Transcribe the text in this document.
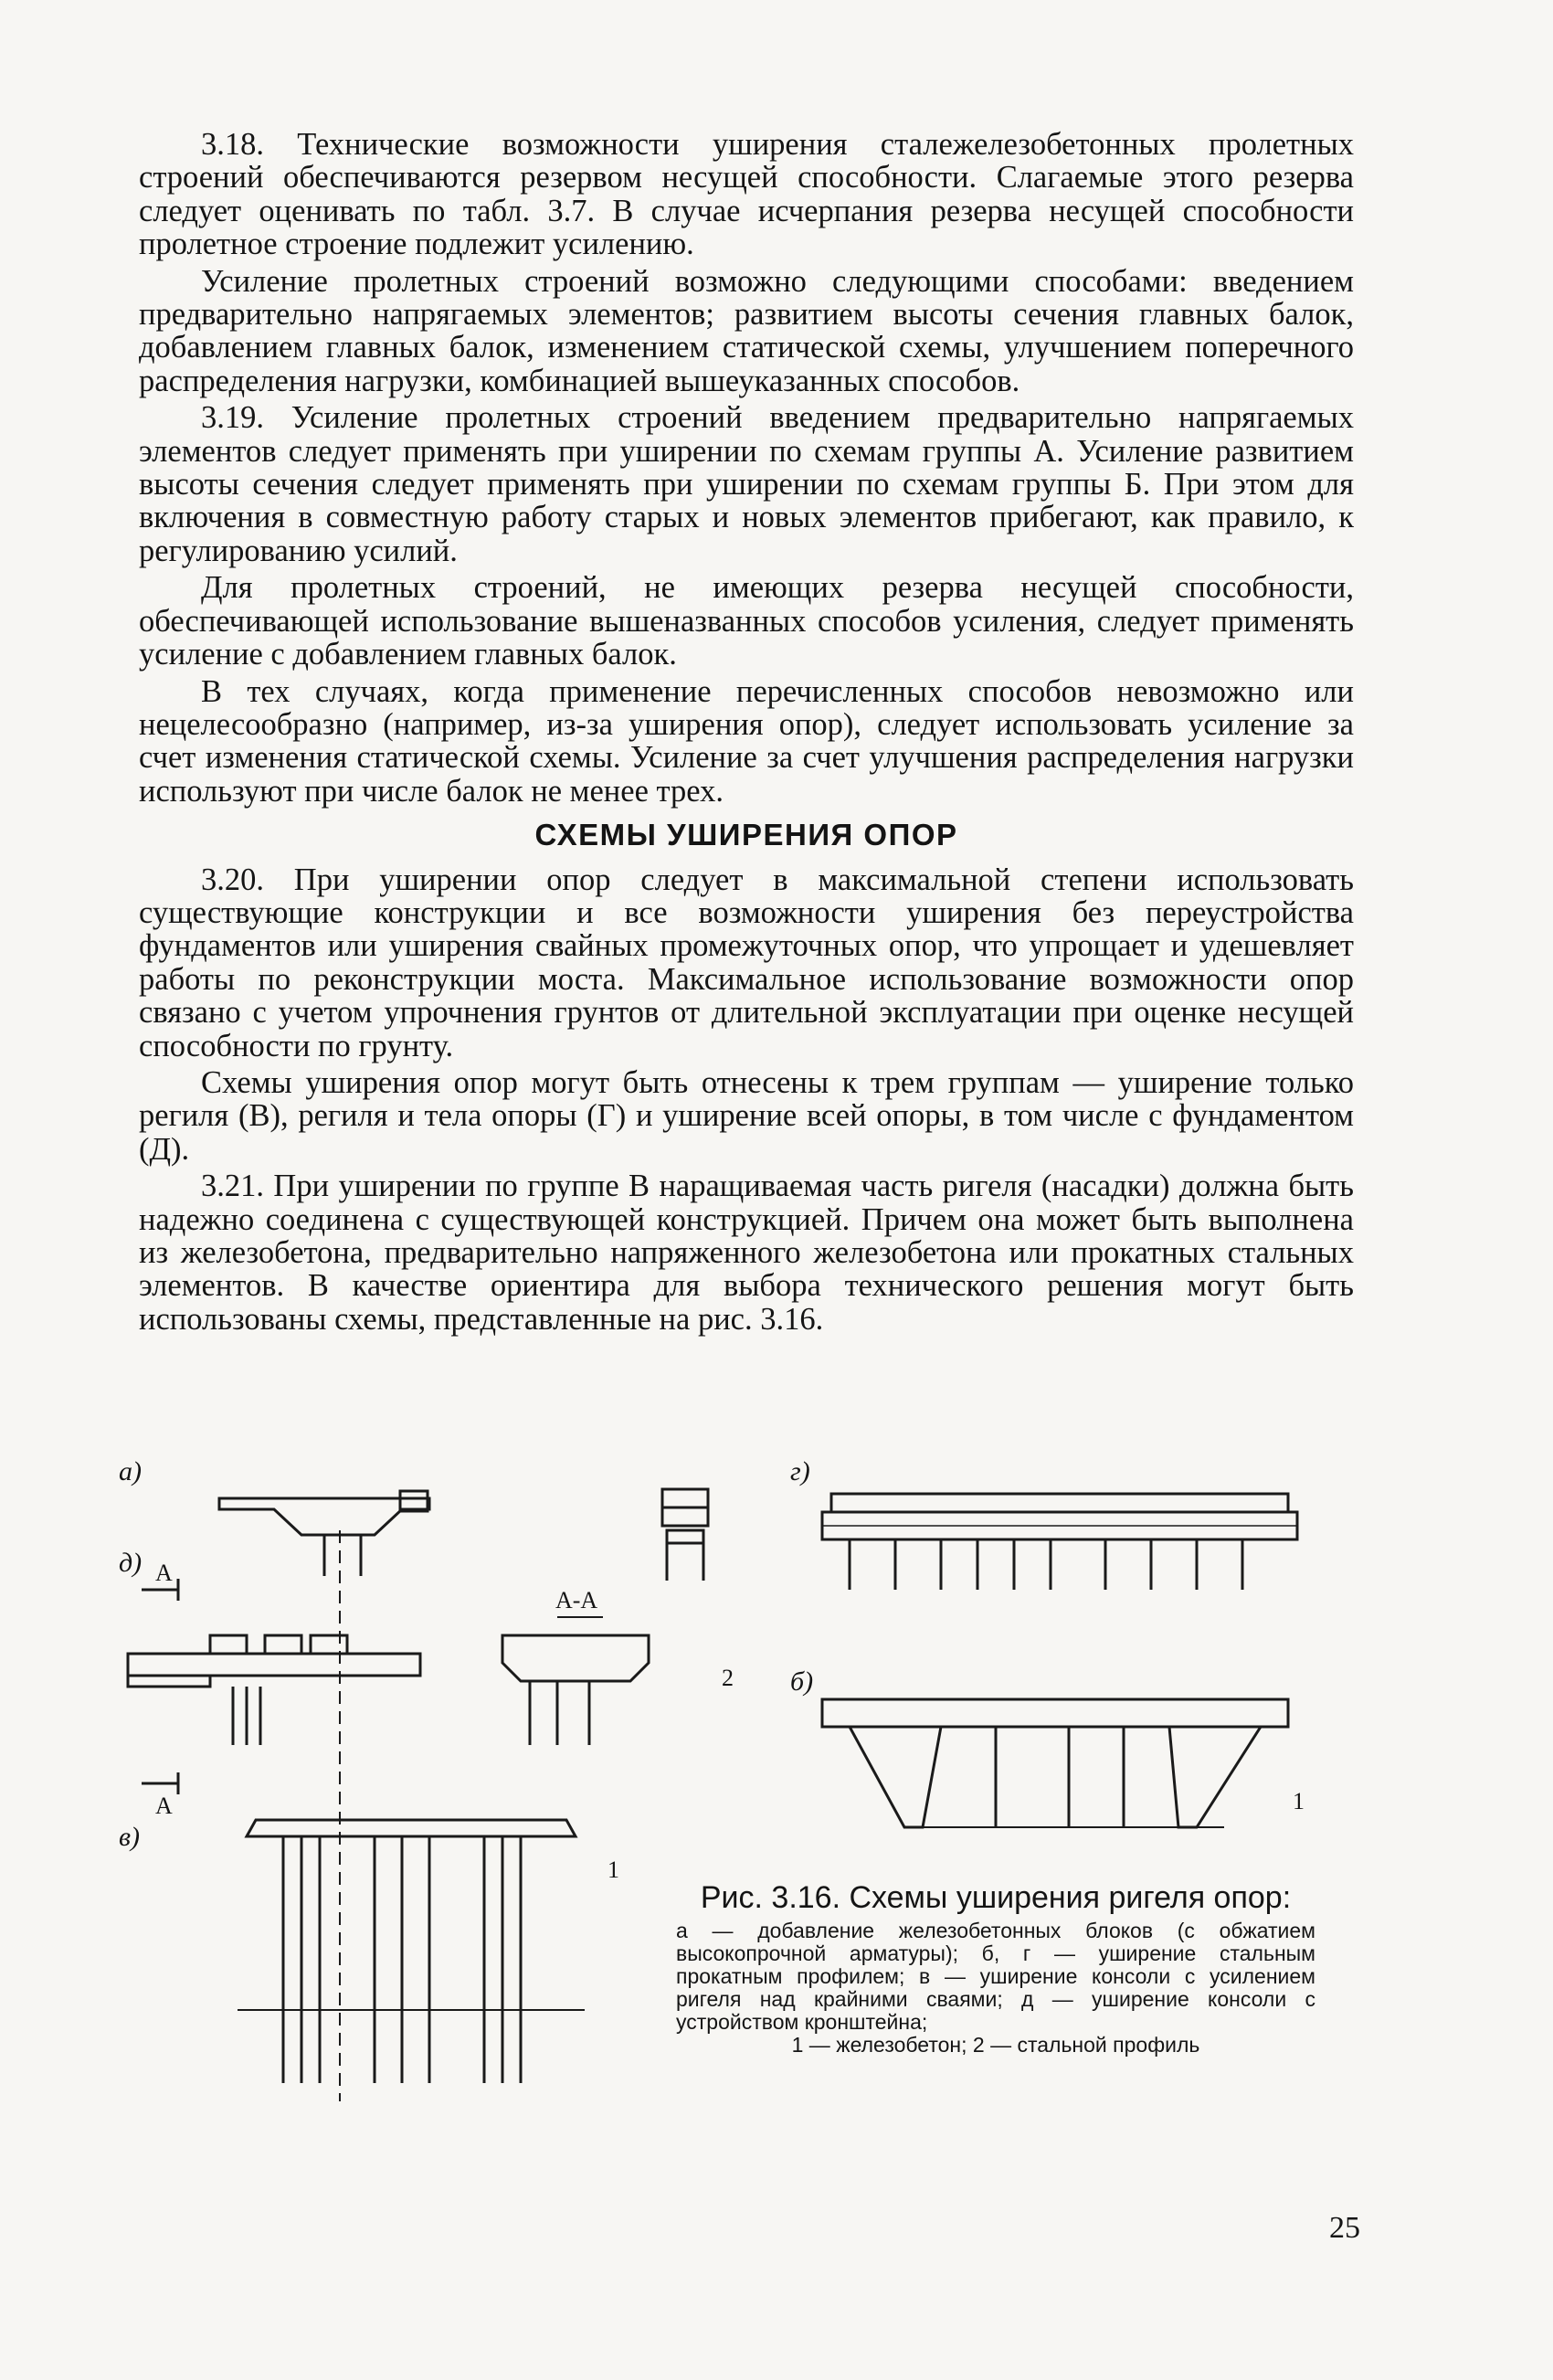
3.18. Технические возможности уширения сталежелезобетонных пролетных строений обеспечиваются резервом несущей способности. Слагаемые этого резерва следует оценивать по табл. 3.7. В случае исчерпания резерва несущей способности пролетное строение подлежит усилению.

Усиление пролетных строений возможно следующими способами: введением предварительно напрягаемых элементов; развитием высоты сечения главных балок, добавлением главных балок, изменением статической схемы, улучшением поперечного распределения нагрузки, комбинацией вышеуказанных способов.

3.19. Усиление пролетных строений введением предварительно напрягаемых элементов следует применять при уширении по схемам группы А. Усиление развитием высоты сечения следует применять при уширении по схемам группы Б. При этом для включения в совместную работу старых и новых элементов прибегают, как правило, к регулированию усилий.

Для пролетных строений, не имеющих резерва несущей способности, обеспечивающей использование вышеназванных способов усиления, следует применять усиление с добавлением главных балок.

В тех случаях, когда применение перечисленных способов невозможно или нецелесообразно (например, из-за уширения опор), следует использовать усиление за счет изменения статической схемы. Усиление за счет улучшения распределения нагрузки используют при числе балок не менее трех.

СХЕМЫ УШИРЕНИЯ ОПОР

3.20. При уширении опор следует в максимальной степени использовать существующие конструкции и все возможности уширения без переустройства фундаментов или уширения свайных промежуточных опор, что упрощает и удешевляет работы по реконструкции моста. Максимальное использование возможности опор связано с учетом упрочнения грунтов от длительной эксплуатации при оценке несущей способности по грунту.

Схемы уширения опор могут быть отнесены к трем группам — уширение только региля (В), региля и тела опоры (Г) и уширение всей опоры, в том числе с фундаментом (Д).

3.21. При уширении по группе В наращиваемая часть ригеля (насадки) должна быть надежно соединена с существующей конструкцией. Причем она может быть выполнена из железобетона, предварительно напряженного железобетона или прокатных стальных элементов. В качестве ориентира для выбора технического решения могут быть использованы схемы, представленные на рис. 3.16.

а)
д) А
А
в)
А-А
2
г)
б)
1
1

Рис. 3.16. Схемы уширения ригеля опор:

а — добавление железобетонных блоков (с обжатием высокопрочной арматуры); б, г — уширение стальным прокатным профилем; в — уширение консоли с усилением ригеля над крайними сваями; д — уширение консоли с устройством кронштейна;

1 — железобетон; 2 — стальной профиль

25
